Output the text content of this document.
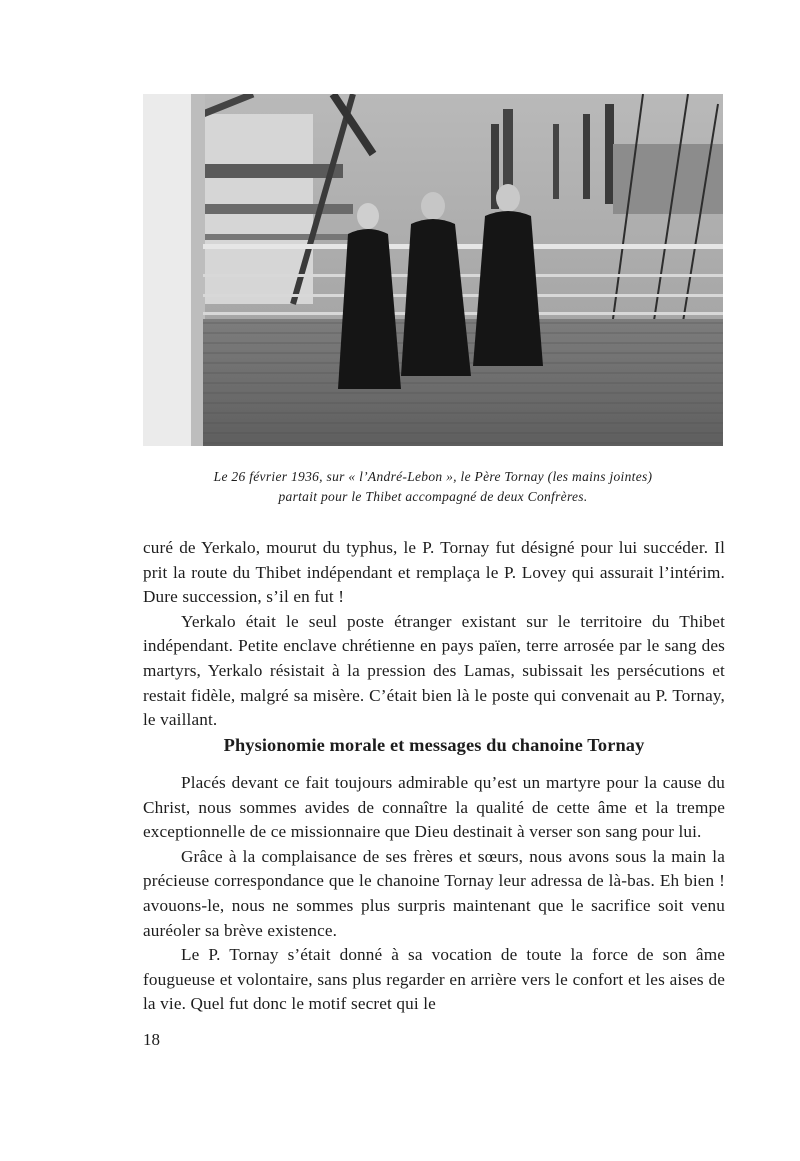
Le 26 février 1936, sur « l’André-Lebon », le Père Tornay (les mains jointes)

partait pour le Thibet accompagné de deux Confrères.

curé de Yerkalo, mourut du typhus, le P. Tornay fut désigné pour lui succéder. Il prit la route du Thibet indépendant et remplaça le P. Lovey qui assurait l’intérim. Dure succession, s’il en fut !

Yerkalo était le seul poste étranger existant sur le territoire du Thibet indépendant. Petite enclave chrétienne en pays païen, terre arrosée par le sang des martyrs, Yerkalo résistait à la pression des Lamas, subissait les persécutions et restait fidèle, malgré sa misère. C’était bien là le poste qui convenait au P. Tornay, le vaillant.

Physionomie morale et messages du chanoine Tornay

Placés devant ce fait toujours admirable qu’est un martyre pour la cause du Christ, nous sommes avides de connaître la qualité de cette âme et la trempe exceptionnelle de ce missionnaire que Dieu destinait à verser son sang pour lui.

Grâce à la complaisance de ses frères et sœurs, nous avons sous la main la précieuse correspondance que le chanoine Tornay leur adressa de là-bas. Eh bien ! avouons-le, nous ne sommes plus surpris maintenant que le sacrifice soit venu auréoler sa brève existence.

Le P. Tornay s’était donné à sa vocation de toute la force de son âme fougueuse et volontaire, sans plus regarder en arrière vers le confort et les aises de la vie. Quel fut donc le motif secret qui le

18
